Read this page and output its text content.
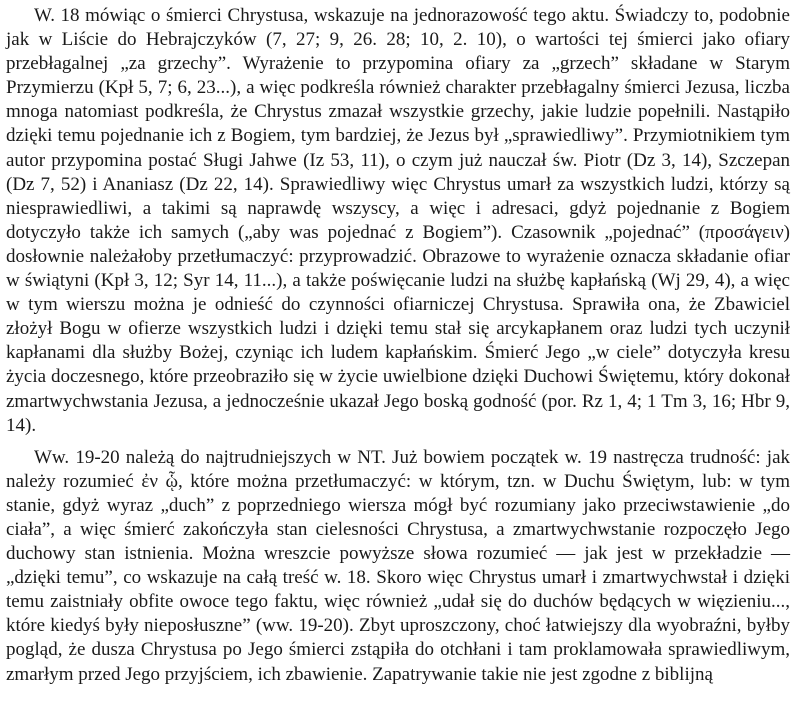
W. 18 mówiąc o śmierci Chrystusa, wskazuje na jednorazowość tego aktu. Świadczy to, podobnie jak w Liście do Hebrajczyków (7, 27; 9, 26. 28; 10, 2. 10), o wartości tej śmierci jako ofiary przebłagalnej „za grzechy”. Wyrażenie to przypomina ofiary za „grzech” składane w Starym Przymierzu (Kpł 5, 7; 6, 23...), a więc podkreśla również charakter przebłagalny śmierci Jezusa, liczba mnoga natomiast podkreśla, że Chrystus zmazał wszystkie grzechy, jakie ludzie popełnili. Nastąpiło dzięki temu pojednanie ich z Bogiem, tym bardziej, że Jezus był „sprawiedliwy”. Przymiotnikiem tym autor przypomina postać Sługi Jahwe (Iz 53, 11), o czym już nauczał św. Piotr (Dz 3, 14), Szczepan (Dz 7, 52) i Ananiasz (Dz 22, 14). Sprawiedliwy więc Chrystus umarł za wszystkich ludzi, którzy są niesprawiedliwi, a takimi są naprawdę wszyscy, a więc i adresaci, gdyż pojednanie z Bogiem dotyczyło także ich samych („aby was pojednać z Bogiem”). Czasownik „pojednać” (προσάγειν) dosłownie należałoby przetłumaczyć: przyprowadzić. Obrazowe to wyrażenie oznacza składanie ofiar w świątyni (Kpł 3, 12; Syr 14, 11...), a także poświęcanie ludzi na służbę kapłańską (Wj 29, 4), a więc w tym wierszu można je odnieść do czynności ofiarniczej Chrystusa. Sprawiła ona, że Zbawiciel złożył Bogu w ofierze wszystkich ludzi i dzięki temu stał się arcykapłanem oraz ludzi tych uczynił kapłanami dla służby Bożej, czyniąc ich ludem kapłańskim. Śmierć Jego „w ciele” dotyczyła kresu życia doczesnego, które przeobraziło się w życie uwielbione dzięki Duchowi Świętemu, który dokonał zmartwychwstania Jezusa, a jednocześnie ukazał Jego boską godność (por. Rz 1, 4; 1 Tm 3, 16; Hbr 9, 14).

Ww. 19-20 należą do najtrudniejszych w NT. Już bowiem początek w. 19 nastręcza trudność: jak należy rozumieć ἐν ᾧ, które można przetłumaczyć: w którym, tzn. w Duchu Świętym, lub: w tym stanie, gdyż wyraz „duch” z poprzedniego wiersza mógł być rozumiany jako przeciwstawienie „do ciała”, a więc śmierć zakończyła stan cielesności Chrystusa, a zmartwychwstanie rozpoczęło Jego duchowy stan istnienia. Można wreszcie powyższe słowa rozumieć — jak jest w przekładzie — „dzięki temu”, co wskazuje na całą treść w. 18. Skoro więc Chrystus umarł i zmartwychwstał i dzięki temu zaistniały obfite owoce tego faktu, więc również „udał się do duchów będących w więzieniu..., które kiedyś były nieposłuszne” (ww. 19-20). Zbyt uproszczony, choć łatwiejszy dla wyobraźni, byłby pogląd, że dusza Chrystusa po Jego śmierci zstąpiła do otchłani i tam proklamowała sprawiedliwym, zmarłym przed Jego przyjściem, ich zbawienie. Zapatrywanie takie nie jest zgodne z biblijną
